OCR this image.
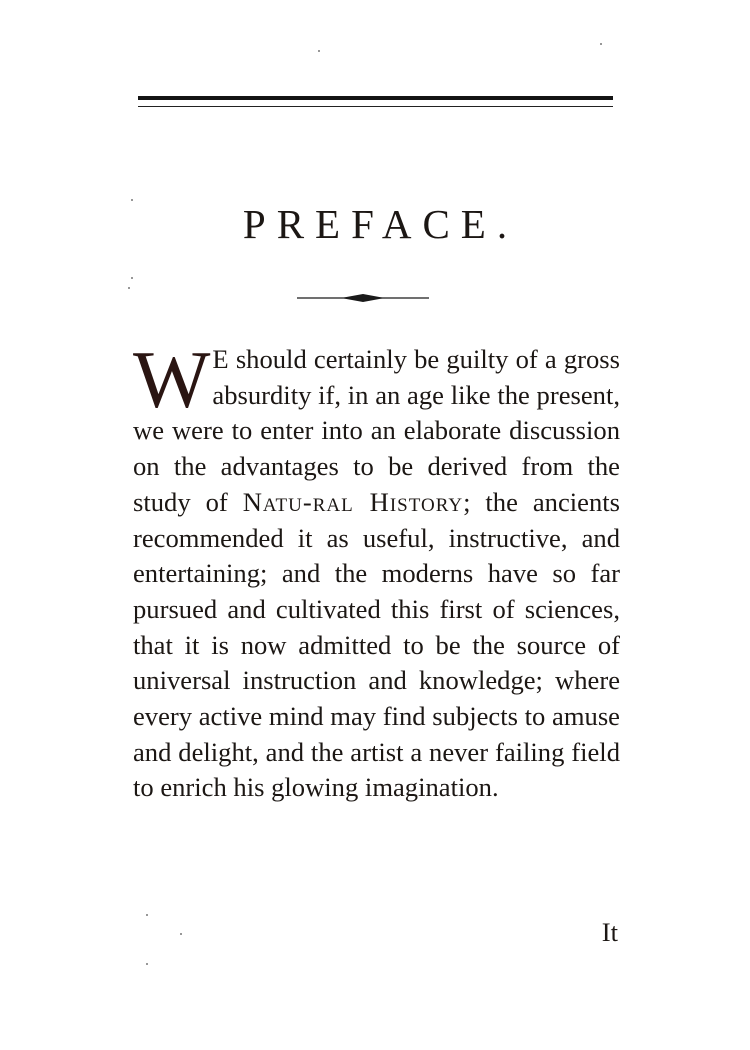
PREFACE.
W E should certainly be guilty of a gross absurdity if, in an age like the present, we were to enter into an elaborate discussion on the advantages to be derived from the study of Natu-ral History; the ancients recommended it as useful, instructive, and entertaining; and the moderns have so far pursued and cultivated this first of sciences, that it is now admitted to be the source of universal instruction and knowledge; where every active mind may find subjects to amuse and delight, and the artist a never failing field to enrich his glowing imagination.
It
